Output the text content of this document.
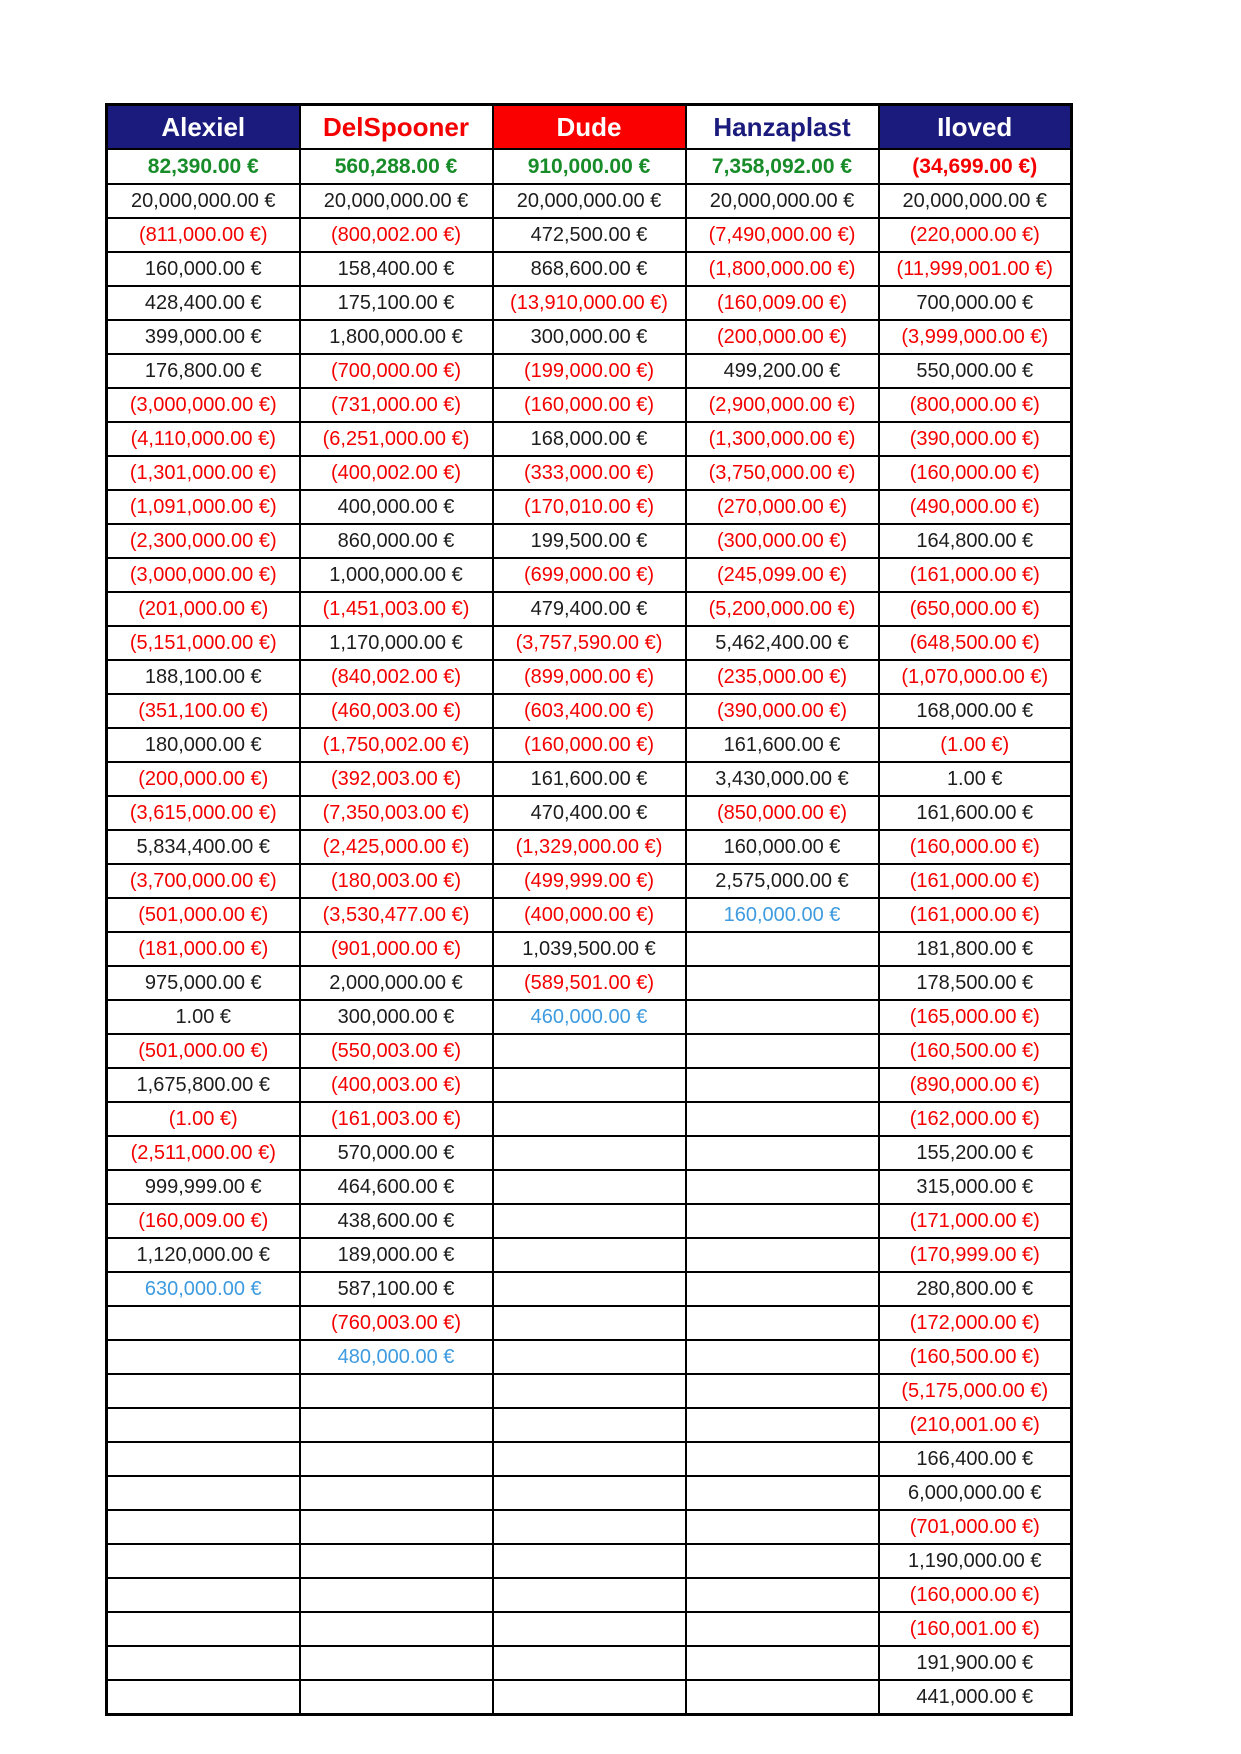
Alexiel	DelSpooner	Dude	Hanzaplast	Iloved
82,390.00 €	560,288.00 €	910,000.00 €	7,358,092.00 €	(34,699.00 €)
20,000,000.00 €	20,000,000.00 €	20,000,000.00 €	20,000,000.00 €	20,000,000.00 €
(811,000.00 €)	(800,002.00 €)	472,500.00 €	(7,490,000.00 €)	(220,000.00 €)
160,000.00 €	158,400.00 €	868,600.00 €	(1,800,000.00 €)	(11,999,001.00 €)
428,400.00 €	175,100.00 €	(13,910,000.00 €)	(160,009.00 €)	700,000.00 €
399,000.00 €	1,800,000.00 €	300,000.00 €	(200,000.00 €)	(3,999,000.00 €)
176,800.00 €	(700,000.00 €)	(199,000.00 €)	499,200.00 €	550,000.00 €
(3,000,000.00 €)	(731,000.00 €)	(160,000.00 €)	(2,900,000.00 €)	(800,000.00 €)
(4,110,000.00 €)	(6,251,000.00 €)	168,000.00 €	(1,300,000.00 €)	(390,000.00 €)
(1,301,000.00 €)	(400,002.00 €)	(333,000.00 €)	(3,750,000.00 €)	(160,000.00 €)
(1,091,000.00 €)	400,000.00 €	(170,010.00 €)	(270,000.00 €)	(490,000.00 €)
(2,300,000.00 €)	860,000.00 €	199,500.00 €	(300,000.00 €)	164,800.00 €
(3,000,000.00 €)	1,000,000.00 €	(699,000.00 €)	(245,099.00 €)	(161,000.00 €)
(201,000.00 €)	(1,451,003.00 €)	479,400.00 €	(5,200,000.00 €)	(650,000.00 €)
(5,151,000.00 €)	1,170,000.00 €	(3,757,590.00 €)	5,462,400.00 €	(648,500.00 €)
188,100.00 €	(840,002.00 €)	(899,000.00 €)	(235,000.00 €)	(1,070,000.00 €)
(351,100.00 €)	(460,003.00 €)	(603,400.00 €)	(390,000.00 €)	168,000.00 €
180,000.00 €	(1,750,002.00 €)	(160,000.00 €)	161,600.00 €	(1.00 €)
(200,000.00 €)	(392,003.00 €)	161,600.00 €	3,430,000.00 €	1.00 €
(3,615,000.00 €)	(7,350,003.00 €)	470,400.00 €	(850,000.00 €)	161,600.00 €
5,834,400.00 €	(2,425,000.00 €)	(1,329,000.00 €)	160,000.00 €	(160,000.00 €)
(3,700,000.00 €)	(180,003.00 €)	(499,999.00 €)	2,575,000.00 €	(161,000.00 €)
(501,000.00 €)	(3,530,477.00 €)	(400,000.00 €)	160,000.00 €	(161,000.00 €)
(181,000.00 €)	(901,000.00 €)	1,039,500.00 €		181,800.00 €
975,000.00 €	2,000,000.00 €	(589,501.00 €)		178,500.00 €
1.00 €	300,000.00 €	460,000.00 €		(165,000.00 €)
(501,000.00 €)	(550,003.00 €)			(160,500.00 €)
1,675,800.00 €	(400,003.00 €)			(890,000.00 €)
(1.00 €)	(161,003.00 €)			(162,000.00 €)
(2,511,000.00 €)	570,000.00 €			155,200.00 €
999,999.00 €	464,600.00 €			315,000.00 €
(160,009.00 €)	438,600.00 €			(171,000.00 €)
1,120,000.00 €	189,000.00 €			(170,999.00 €)
630,000.00 €	587,100.00 €			280,800.00 €
	(760,003.00 €)			(172,000.00 €)
	480,000.00 €			(160,500.00 €)
				(5,175,000.00 €)
				(210,001.00 €)
				166,400.00 €
				6,000,000.00 €
				(701,000.00 €)
				1,190,000.00 €
				(160,000.00 €)
				(160,001.00 €)
				191,900.00 €
				441,000.00 €
